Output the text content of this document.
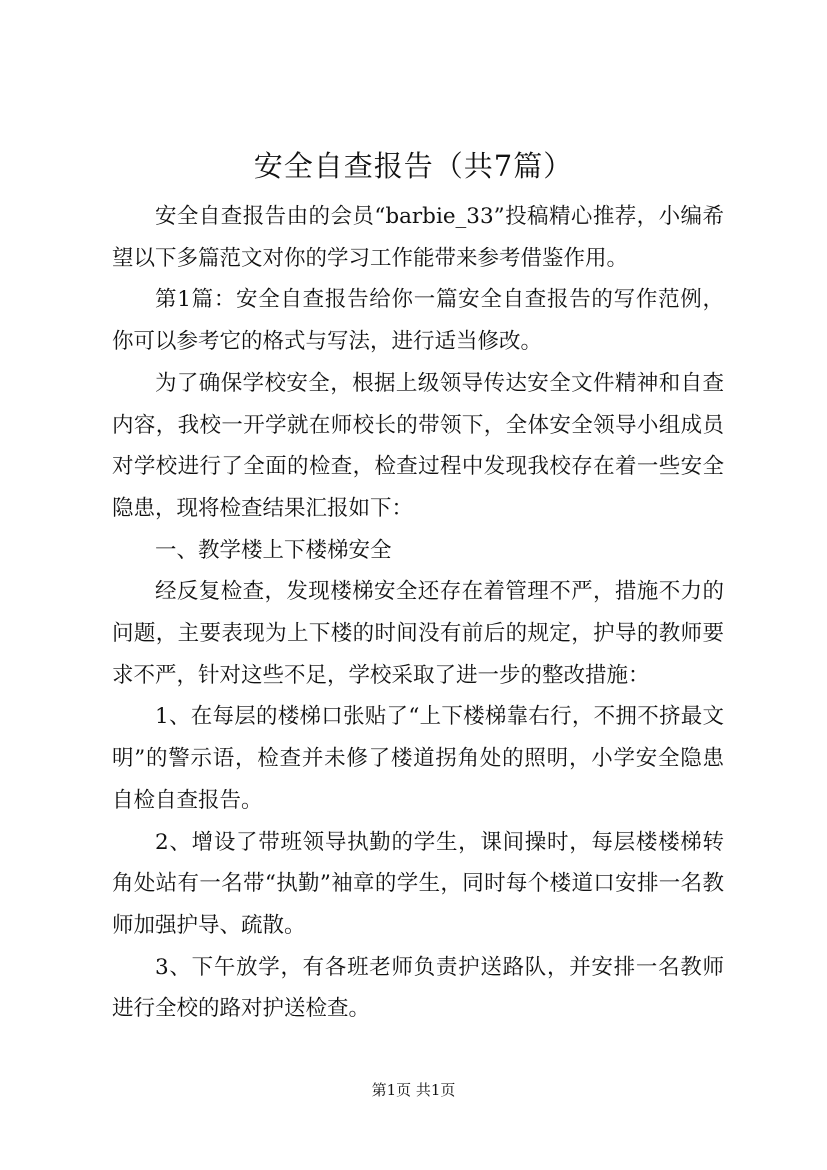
安全自查报告（共7篇）

安全自查报告由的会员“barbie_33”投稿精心推荐，小编希望以下多篇范文对你的学习工作能带来参考借鉴作用。

第1篇：安全自查报告给你一篇安全自查报告的写作范例，你可以参考它的格式与写法，进行适当修改。

为了确保学校安全，根据上级领导传达安全文件精神和自查内容，我校一开学就在师校长的带领下，全体安全领导小组成员对学校进行了全面的检查，检查过程中发现我校存在着一些安全隐患，现将检查结果汇报如下：

一、教学楼上下楼梯安全

经反复检查，发现楼梯安全还存在着管理不严，措施不力的问题，主要表现为上下楼的时间没有前后的规定，护导的教师要求不严，针对这些不足，学校采取了进一步的整改措施：

1、在每层的楼梯口张贴了“上下楼梯靠右行，不拥不挤最文明”的警示语，检查并未修了楼道拐角处的照明，小学安全隐患自检自查报告。

2、增设了带班领导执勤的学生，课间操时，每层楼楼梯转角处站有一名带“执勤”袖章的学生，同时每个楼道口安排一名教师加强护导、疏散。

3、下午放学，有各班老师负责护送路队，并安排一名教师进行全校的路对护送检查。

第1页 共1页
